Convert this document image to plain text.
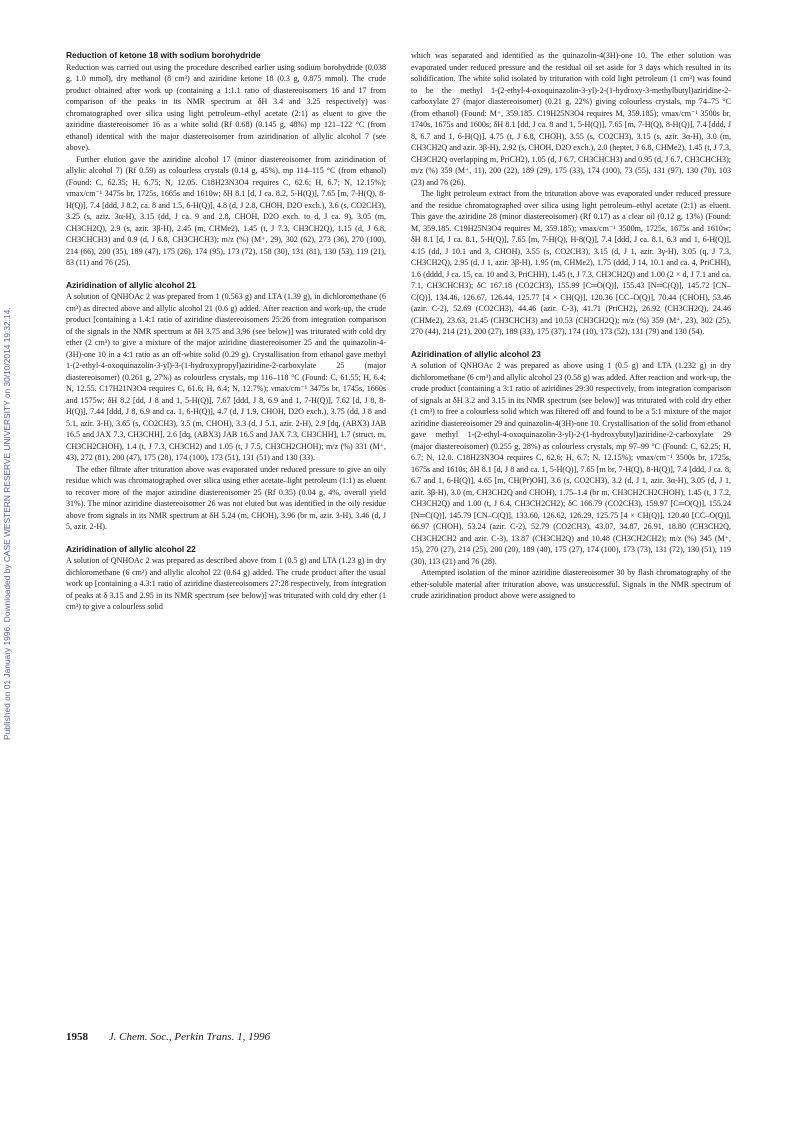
Published on 01 January 1996. Downloaded by CASE WESTERN RESERVE UNIVERSITY on 30/10/2014 19:32:14.
Reduction of ketone 18 with sodium borohydride

Reduction was carried out using the procedure described earlier using sodium borohydride (0.038 g, 1.0 mmol), dry methanol (8 cm³) and aziridine ketone 18 (0.3 g, 0.875 mmol). The crude product obtained after work up (containing a 1:1.1 ratio of diastereoisomers 16 and 17 from comparison of the peaks in its NMR spectrum at δH 3.4 and 3.25 respectively) was chromatographed over silica using light petroleum–ethyl acetate (2:1) as eluent to give the aziridine diastereoisomer 16 as a white solid (Rf 0.68) (0.145 g, 48%) mp 121–122 °C (from ethanol) identical with the major diastereoisomer from aziridination of allylic alcohol 7 (see above).

Further elution gave the aziridine alcohol 17 (minor diastereoisomer from aziridination of allylic alcohol 7) (Rf 0.59) as colourless crystals (0.14 g, 45%), mp 114–115 °C (from ethanol) (Found: C, 62.35; H, 6.75; N, 12.05. C18H23N3O4 requires C, 62.6; H, 6.7; N, 12.15%); νmax/cm⁻¹ 3475s br, 1725s, 1665s and 1610w; δH 8.1 [d, J ca. 8.2, 5-H(Q)], 7.65 [m, 7-H(Q), 8-H(Q)], 7.4 [ddd, J 8.2, ca. 8 and 1.5, 6-H(Q)], 4.8 (d, J 2.8, CHOH, D2O exch.), 3.6 (s, CO2CH3), 3.25 (s, aziz. 3α-H), 3.15 (dd, J ca. 9 and 2.8, CHOH, D2O exch. to d, J ca. 9), 3.05 (m, CH3CH2Q), 2.9 (s, azir. 3β-H), 2.45 (m, CHMe2), 1.45 (t, J 7.3, CH3CH2Q), 1.15 (d, J 6.8, CH3CHCH3) and 0.9 (d, J 6.8, CH3CHCH3); m/z (%) (M⁺, 29), 302 (62), 273 (36), 270 (100), 214 (66), 200 (35), 189 (47), 175 (26), 174 (95), 173 (72), 158 (30), 131 (81), 130 (53), 119 (21), 83 (11) and 76 (25).

Aziridination of allylic alcohol 21

A solution of QNHOAc 2 was prepared from 1 (0.563 g) and LTA (1.39 g), in dichloromethane (6 cm³) as directed above and allylic alcohol 21 (0.6 g) added. After reaction and work-up, the crude product [containing a 1.4:1 ratio of aziridine diastereoisomers 25:26 from integration comparison of the signals in the NMR spectrum at δH 3.75 and 3.96 (see below)] was triturated with cold dry ether (2 cm³) to give a mixture of the major aziridine diastereoisomer 25 and the quinazolin-4-(3H)-one 10 in a 4:1 ratio as an off-white solid (0.29 g). Crystallisation from ethanol gave methyl 1-(2-ethyl-4-oxoquinazolin-3-yl)-3-(1-hydroxypropyl)aziridine-2-carboxylate 25 (major diastereoisomer) (0.261 g, 27%) as colourless crystals, mp 116–118 °C (Found: C, 61.55; H, 6.4; N, 12.55. C17H21N3O4 requires C, 61.6; H, 6.4; N, 12.7%); νmax/cm⁻¹ 3475s br, 1745s, 1660s and 1575w; δH 8.2 [dd, J 8 and 1, 5-H(Q)], 7.67 [ddd, J 8, 6.9 and 1, 7-H(Q)], 7.62 [d, J 8, 8-H(Q)], 7.44 [ddd, J 8, 6.9 and ca. 1, 6-H(Q)], 4.7 (d, J 1.9, CHOH, D2O exch.), 3.75 (dd, J 8 and 5.1, azir. 3-H), 3.65 (s, CO2CH3), 3.5 (m, CHOH), 3.3 (d, J 5.1, azir. 2-H), 2.9 [dq, (ABX3) JAB 16.5 and JAX 7.3, CH3CHH], 2.6 [dq, (ABX3) JAB 16.5 and JAX 7.3, CH3CHH], 1.7 (struct. m, CH3CH2CHOH), 1.4 (t, J 7.3, CH3CH2) and 1.05 (t, J 7.5, CH3CH2CHOH); m/z (%) 331 (M⁺, 43), 272 (81), 200 (47), 175 (28), 174 (100), 173 (51), 131 (51) and 130 (33).

The ether filtrate after trituration above was evaporated under reduced pressure to give an oily residue which was chromatographed over silica using ether acetate–light petroleum (1:1) as eluent to recover more of the major aziridine diastereoisomer 25 (Rf 0.35) (0.04 g, 4%, overall yield 31%). The minor aziridine diastereoisomer 26 was not eluted but was identified in the oily residue above from signals in its NMR spectrum at δH 5.24 (m, CHOH), 3.96 (br m, azir. 3-H), 3.46 (d, J 5, azir. 2-H).

Aziridination of allylic alcohol 22

A solution of QNHOAc 2 was prepared as described above from 1 (0.5 g) and LTA (1.23 g) in dry dichloromethane (6 cm³) and allylic alcohol 22 (0.64 g) added. The crude product after the usual work up [containing a 4.3:1 ratio of aziridine diastereoisomers 27:28 respectively, from integration of peaks at δ 3.15 and 2.95 in its NMR spectrum (see below)] was triturated with cold dry ether (1 cm³) to give a colourless solid

which was separated and identified as the quinazolin-4(3H)-one 10. The ether solution was evaporated under reduced pressure and the residual oil set aside for 3 days which resulted in its solidification. The white solid isolated by trituration with cold light petroleum (1 cm³) was found to be the methyl 1-(2-ethyl-4-oxoquinazolin-3-yl)-2-(1-hydroxy-3-methylbutyl)aziridine-2-carboxylate 27 (major diastereoisomer) (0.21 g, 22%) giving colourless crystals, mp 74–75 °C (from ethanol) (Found: M⁺, 359.185. C19H25N3O4 requires M, 359.185); νmax/cm⁻¹ 3500s br, 1740s, 1675s and 1600s; δH 8.1 [dd, J ca. 8 and 1, 5-H(Q)], 7.65 [m, 7-H(Q), 8-H(Q)], 7.4 [ddd, J 8, 6.7 and 1, 6-H(Q)], 4.75 (t, J 6.8, CHOH), 3.55 (s, CO2CH3), 3.15 (s, azir. 3α-H), 3.0 (m, CH3CH2Q and azir. 3β-H), 2.92 (s, CHOH, D2O exch.), 2.0 (heptet, J 6.8, CHMe2), 1.45 (t, J 7.3, CH3CH2Q overlapping m, PriCH2), 1.05 (d, J 6.7, CH3CHCH3) and 0.95 (d, J 6.7, CH3CHCH3); m/z (%) 359 (M⁺, 11), 200 (22), 189 (29), 175 (33), 174 (100), 73 (55), 131 (97), 130 (70), 103 (23) and 76 (26).

The light petroleum extract from the trituration above was evaporated under reduced pressure and the residue chromatographed over silica using light petroleum–ethyl acetate (2:1) as eluent. This gave the aziridine 28 (minor diastereoisomer) (Rf 0.17) as a clear oil (0.12 g, 13%) (Found: M, 359.185. C19H25N3O4 requires M, 359.185); νmax/cm⁻¹ 3500m, 1725s, 1675s and 1610w; δH 8.1 [d, J ca. 8.1, 5-H(Q)], 7.65 [m, 7-H(Q), H-8(Q)], 7.4 [ddd, J ca. 8.1, 6.3 and 1, 6-H(Q)], 4.15 (dd, J 10.1 and 3, CHOH), 3.55 (s, CO2CH3), 3.15 (d, J 1, azir. 3γ-H), 3.05 (q, J 7.3, CH3CH2Q), 2.95 (d, J 1, azir. 3β-H), 1.95 (m, CHMe2), 1.75 (ddd, J 14, 10.1 and ca. 4, PriCHH), 1.6 (dddd, J ca. 15, ca. 10 and 3, PriCHH), 1.45 (t, J 7.3, CH3CH2Q) and 1.00 (2 × d, J 7.1 and ca. 7.1, CH3CHCH3); δC 167.18 (CO2CH3), 155.99 [C═O(Q)], 155.43 [N═C(Q)], 145.72 [CN–C(Q)], 134.46, 126.67, 126.44, 125.77 [4 × CH(Q)], 120.36 [CC–O(Q)], 70.44 (CHOH), 53.46 (azir. C-2), 52.69 (CO2CH3), 44.46 (azir. C-3), 41.71 (PriCH2), 26.92 (CH3CH2Q), 24.46 (CHMe2), 23.63, 21.45 (CH3CHCH3) and 10.53 (CH3CH2Q); m/z (%) 359 (M⁺, 23), 302 (25), 270 (44), 214 (21), 200 (27), 189 (33), 175 (37), 174 (10), 173 (52), 131 (79) and 130 (54).

Aziridination of allylic alcohol 23

A solution of QNHOAc 2 was prepared as above using 1 (0.5 g) and LTA (1.232 g) in dry dichloromethane (6 cm³) and allylic alcohol 23 (0.58 g) was added. After reaction and work-up, the crude product [containing a 3:1 ratio of aziridines 29:30 respectively, from integration comparison of signals at δH 3.2 and 3.15 in its NMR spectrum (see below)] was triturated with cold dry ether (1 cm³) to free a colourless solid which was filtered off and found to be a 5:1 mixture of the major aziridine diastereoisomer 29 and quinazolin-4(3H)-one 10. Crystallisation of the solid from ethanol gave methyl 1-(2-ethyl-4-oxoquinazolin-3-yl)-2-(1-hydroxybutyl)aziridine-2-carboxylate 29 (major diastereoisomer) (0.255 g, 28%) as colourless crystals, mp 97–99 °C (Found: C, 62.25; H, 6.7; N, 12.0. C18H23N3O4 requires C, 62.6; H, 6.7; N, 12.15%); νmax/cm⁻¹ 3500s br, 1725s, 1675s and 1610s; δH 8.1 [d, J 8 and ca. 1, 5-H(Q)], 7.65 [m br, 7-H(Q), 8-H(Q)], 7.4 [ddd, J ca. 8, 6.7 and 1, 6-H(Q)], 4.65 [m, CH(Pr)OH], 3.6 (s, CO2CH3), 3.2 (d, J 1, azir. 3α-H), 3.05 (d, J 1, azir. 3β-H), 3.0 (m, CH3CH2Q and CHOH), 1.75–1.4 (br m, CH3CH2CH2CHOH), 1.45 (t, J 7.2, CH3CH2Q) and 1.00 (t, J 6.4, CH3CH2CH2); δC 166.79 (CO2CH3), 159.97 [C═O(Q)], 155.24 [N═C(Q)], 145.79 [CN–C(Q)], 133.60, 126.62, 126.29, 125.75 [4 × CH(Q)], 120.40 [CC–O(Q)], 66.97 (CHOH), 53.24 (azir. C-2), 52.79 (CO2CH3), 43.07, 34.87, 26.91, 18.80 (CH3CH2Q, CH3CH2CH2 and azir. C-3), 13.87 (CH3CH2Q) and 10.48 (CH3CH2CH2); m/z (%) 345 (M⁺, 15), 270 (27), 214 (25), 200 (20), 189 (40), 175 (27), 174 (100), 173 (73), 131 (72), 130 (51), 119 (30), 113 (21) and 76 (28).

Attempted isolation of the minor aziridine diastereoisomer 30 by flash chromatography of the ether-soluble material after trituration above, was unsuccessful. Signals in the NMR spectrum of crude aziridination product above were assigned to

1958 J. Chem. Soc., Perkin Trans. 1, 1996
